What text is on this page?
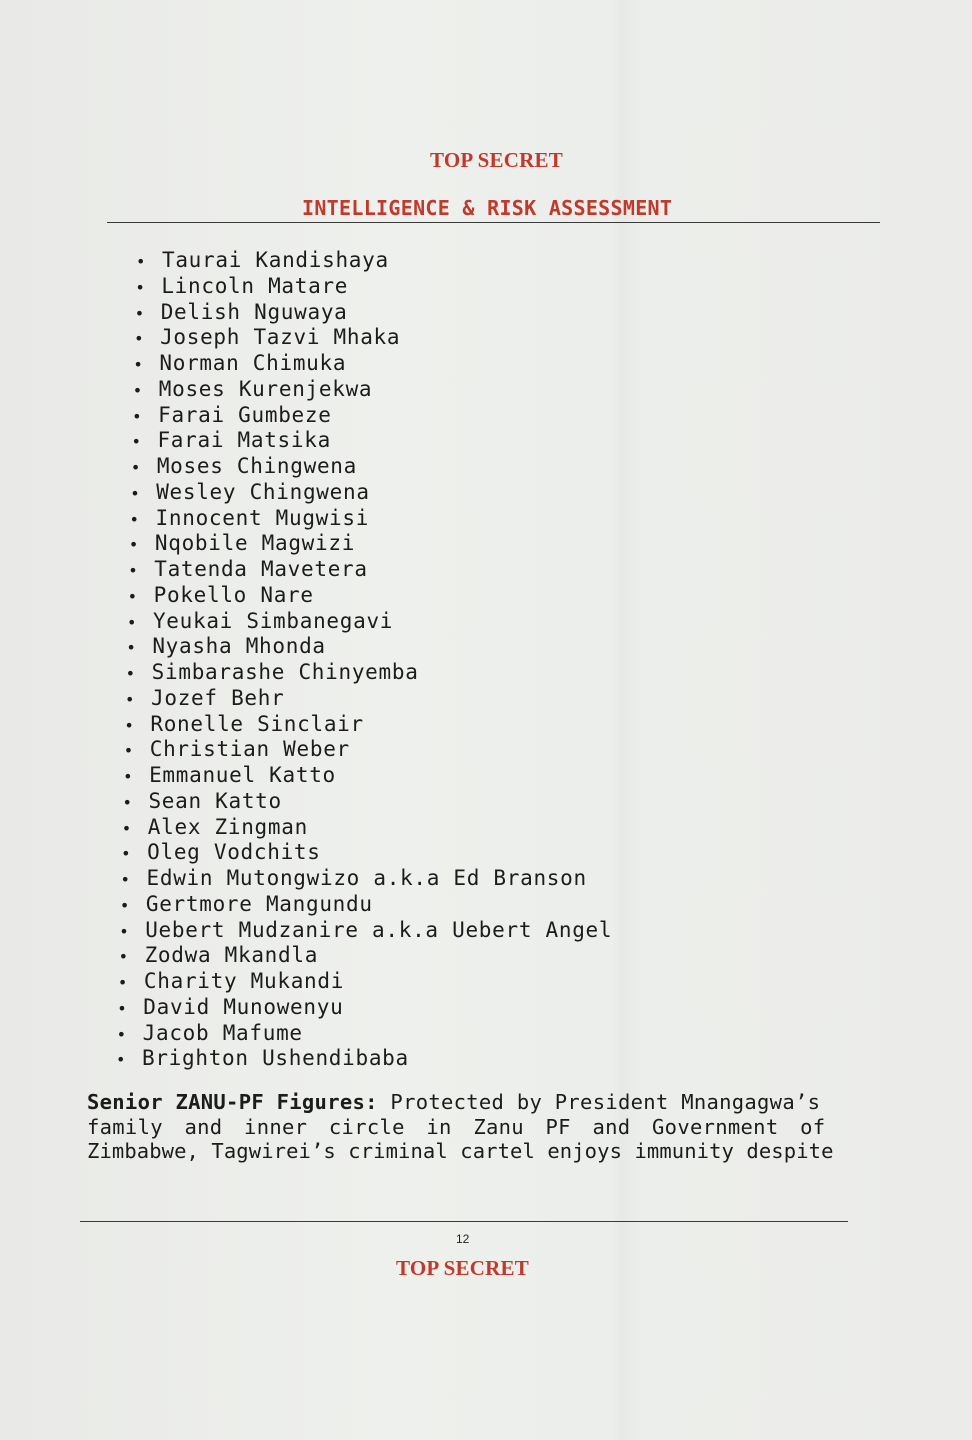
TOP SECRET
INTELLIGENCE & RISK ASSESSMENT
• Taurai Kandishaya
• Lincoln Matare
• Delish Nguwaya
• Joseph Tazvi Mhaka
• Norman Chimuka
• Moses Kurenjekwa
• Farai Gumbeze
• Farai Matsika
• Moses Chingwena
• Wesley Chingwena
• Innocent Mugwisi
• Nqobile Magwizi
• Tatenda Mavetera
• Pokello Nare
• Yeukai Simbanegavi
• Nyasha Mhonda
• Simbarashe Chinyemba
• Jozef Behr
• Ronelle Sinclair
• Christian Weber
• Emmanuel Katto
• Sean Katto
• Alex Zingman
• Oleg Vodchits
• Edwin Mutongwizo a.k.a Ed Branson
• Gertmore Mangundu
• Uebert Mudzanire a.k.a Uebert Angel
• Zodwa Mkandla
• Charity Mukandi
• David Munowenyu
• Jacob Mafume
• Brighton Ushendibaba
Senior ZANU-PF Figures: Protected by President Mnangagwa’s
family and inner circle in Zanu PF and Government of
Zimbabwe, Tagwirei’s criminal cartel enjoys immunity despite
12
TOP SECRET
